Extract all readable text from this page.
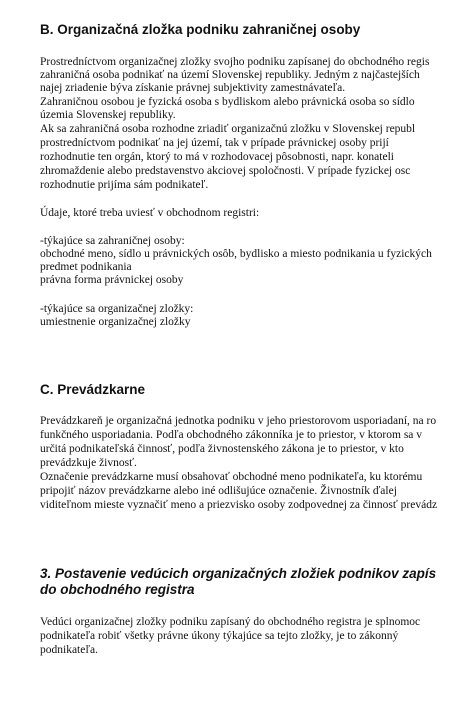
B. Organizačná zložka podniku zahraničnej osoby
Prostredníctvom organizačnej zložky svojho podniku zapísanej do obchodného regis
zahraničná osoba podnikať na území Slovenskej republiky. Jedným z najčastejších
najej zriadenie býva získanie právnej subjektivity zamestnávateľa.
Zahraničnou osobou je fyzická osoba s bydliskom alebo právnická osoba so sídlo
územia Slovenskej republiky.
Ak sa zahraničná osoba rozhodne zriadiť organizačnú zložku v Slovenskej republ
prostredníctvom podnikať na jej území, tak v prípade právnickej osoby prijí
rozhodnutie ten orgán, ktorý to má v rozhodovacej pôsobnosti, napr. konateli
zhromaždenie alebo predstavenstvo akciovej spoločnosti. V prípade fyzickej osc
rozhodnutie prijíma sám podnikateľ.
Údaje, ktoré treba uviesť v obchodnom registri:
-týkajúce sa zahraničnej osoby:
obchodné meno, sídlo u právnických osôb, bydlisko a miesto podnikania u fyzických
predmet podnikania
právna forma právnickej osoby
-týkajúce sa organizačnej zložky:
umiestnenie organizačnej zložky
C. Prevádzkarne
Prevádzkareň je organizačná jednotka podniku v jeho priestorovom usporiadaní, na ro
funkčného usporiadania. Podľa obchodného zákonníka je to priestor, v ktorom sa v
určitá podnikateľská činnosť, podľa živnostenského zákona je to priestor, v kto
prevádzkuje živnosť.
Označenie prevádzkarne musí obsahovať obchodné meno podnikateľa, ku ktorému
pripojiť názov prevádzkarne alebo iné odlišujúce označenie. Živnostník ďalej
viditeľnom mieste vyznačiť meno a priezvisko osoby zodpovednej za činnosť prevádz
3. Postavenie vedúcich organizačných zložiek podnikov zapís
do obchodného registra
Vedúci organizačnej zložky podniku zapísaný do obchodného registra je splnomoc
podnikateľa robiť všetky právne úkony týkajúce sa tejto zložky, je to zákonný
podnikateľa.
